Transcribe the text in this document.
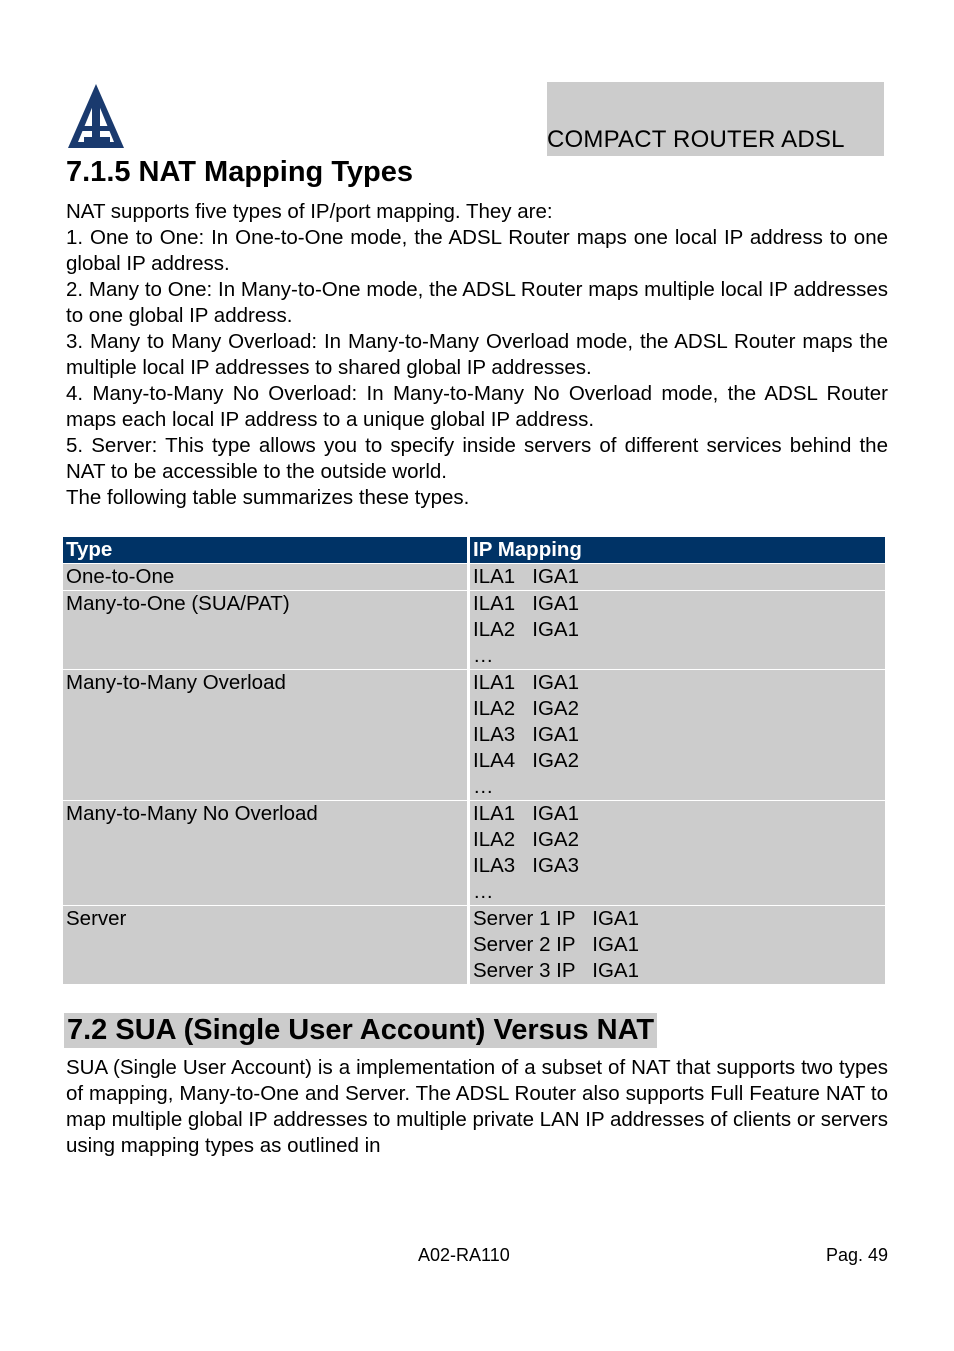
COMPACT ROUTER ADSL
7.1.5 NAT Mapping Types

NAT supports five types of IP/port mapping. They are:

1. One to One: In One-to-One mode, the ADSL Router maps one local IP address to one global IP address.

2. Many to One: In Many-to-One mode, the ADSL Router maps multiple local IP addresses to one global IP address.

3. Many to Many Overload: In Many-to-Many Overload mode, the ADSL Router maps the multiple local IP addresses to shared global IP addresses.

4. Many-to-Many No Overload: In Many-to-Many No Overload mode, the ADSL Router maps each local IP address to a unique global IP address.

5. Server: This type allows you to specify inside servers of different services behind the NAT to be accessible to the outside world.

The following table summarizes these types.

Type	IP Mapping
One-to-One	ILA1   IGA1

Many-to-One (SUA/PAT)	ILA1   IGA1
ILA2   IGA1
…

Many-to-Many Overload	ILA1   IGA1
ILA2   IGA2
ILA3   IGA1
ILA4   IGA2
…

Many-to-Many No Overload	ILA1   IGA1
ILA2   IGA2
ILA3   IGA3
…

Server	Server 1 IP   IGA1
Server 2 IP   IGA1
Server 3 IP   IGA1
7.2 SUA (Single User Account) Versus NAT

SUA (Single User Account) is a implementation of a subset of NAT that supports two types of mapping, Many-to-One and Server. The ADSL Router also supports Full Feature NAT to map multiple global IP addresses to multiple private LAN IP addresses of clients or servers using mapping types as outlined in

A02-RA110	Pag. 49
